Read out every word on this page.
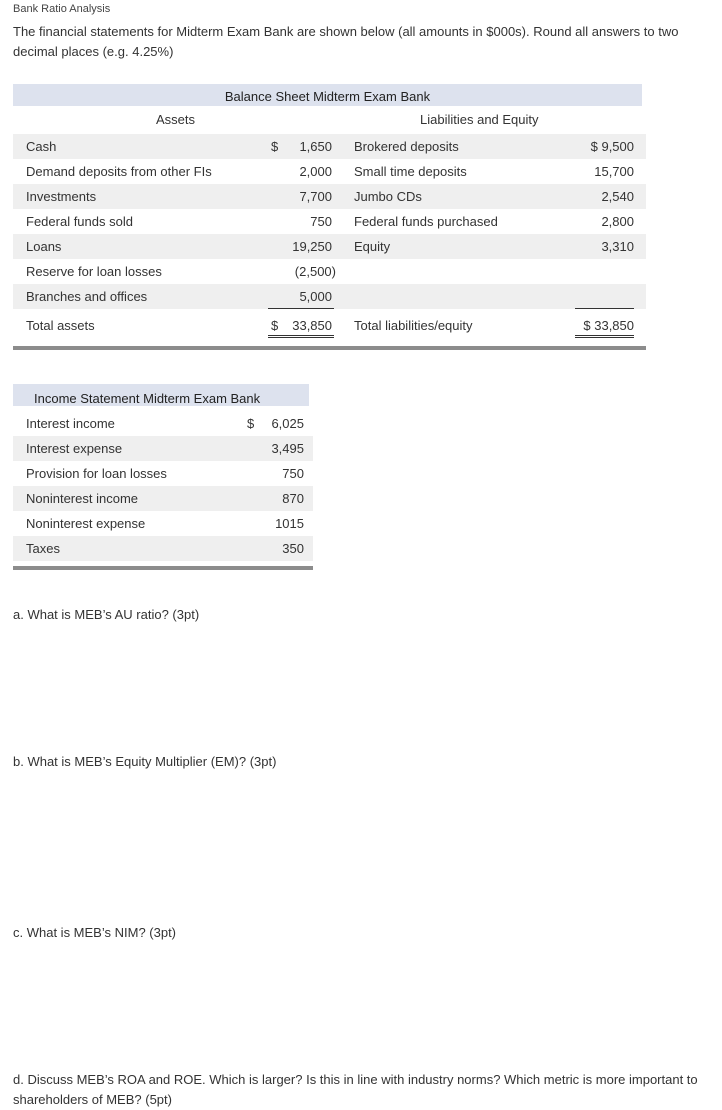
Bank Ratio Analysis
The financial statements for Midterm Exam Bank are shown below (all amounts in $000s). Round all answers to two decimal places (e.g. 4.25%)
Balance Sheet Midterm Exam Bank
Assets	Liabilities and Equity
Cash	$ 1,650 Brokered deposits	$ 9,500
Demand deposits from other FIs	2,000 Small time deposits	15,700
Investments	7,700 Jumbo CDs	2,540
Federal funds sold	750 Federal funds purchased	2,800
Loans	19,250 Equity	3,310
Reserve for loan losses	(2,500)
Branches and offices	5,000
Total assets	$ 33,850 Total liabilities/equity	$ 33,850
Income Statement Midterm Exam Bank
Interest income	$ 6,025
Interest expense	3,495
Provision for loan losses	750
Noninterest income	870
Noninterest expense	1015
Taxes	350
a. What is MEB’s AU ratio? (3pt)
b. What is MEB’s Equity Multiplier (EM)? (3pt)
c. What is MEB’s NIM? (3pt)
d. Discuss MEB’s ROA and ROE. Which is larger? Is this in line with industry norms? Which metric is more important to shareholders of MEB? (5pt)
